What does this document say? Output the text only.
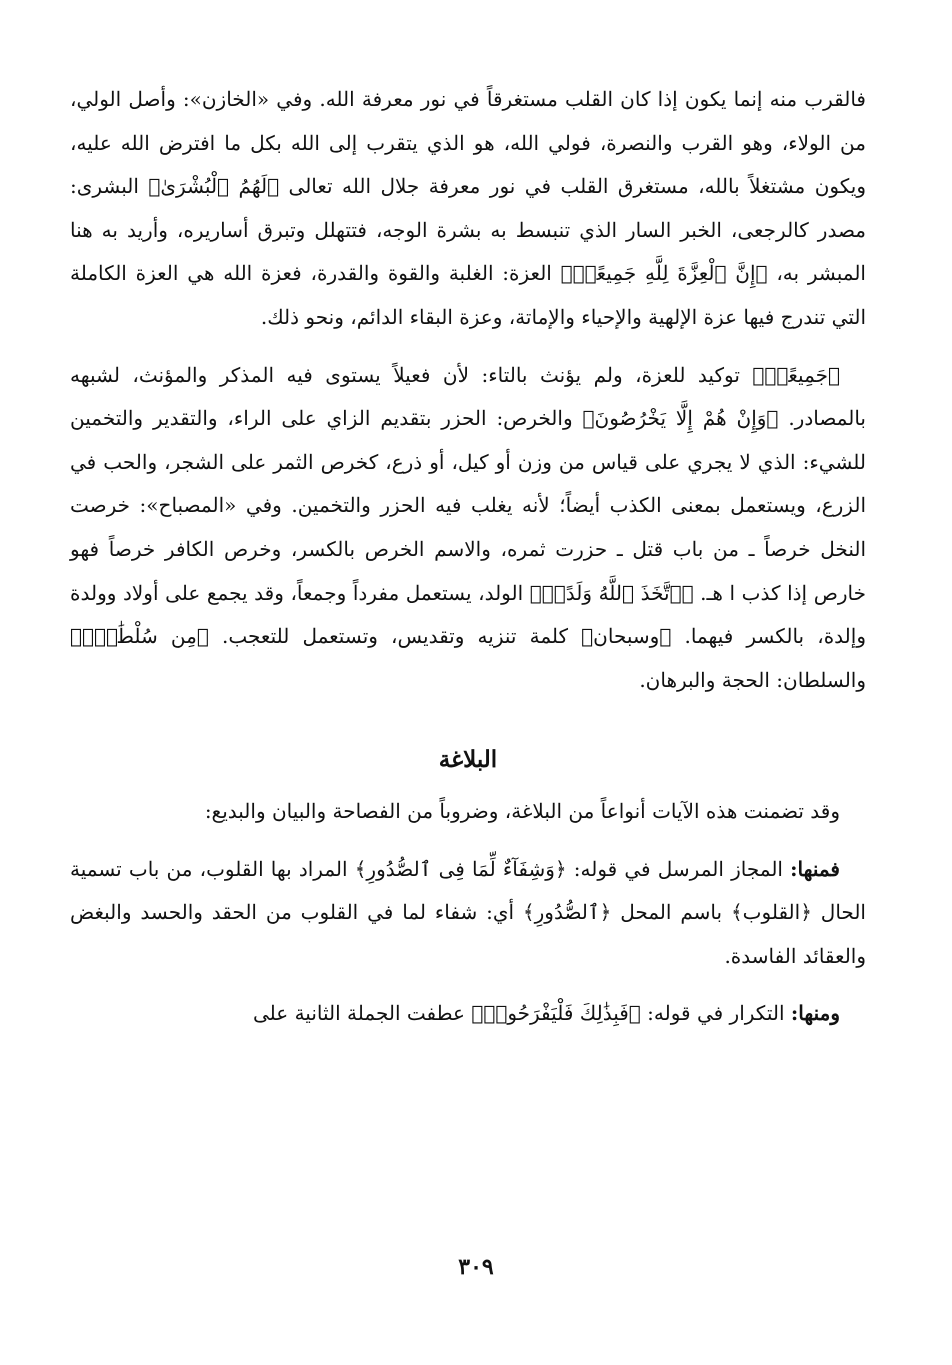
فالقرب منه إنما يكون إذا كان القلب مستغرقاً في نور معرفة الله. وفي «الخازن»: وأصل الولي، من الولاء، وهو القرب والنصرة، فولي الله، هو الذي يتقرب إلى الله بكل ما افترض الله عليه، ويكون مشتغلاً بالله، مستغرق القلب في نور معرفة جلال الله تعالى ﴿لَهُمُ ٱلْبُشْرَىٰ﴾ البشرى: مصدر كالرجعى، الخبر السار الذي تنبسط به بشرة الوجه، فتتهلل وتبرق أساريره، وأريد به هنا المبشر به، ﴿إِنَّ ٱلْعِزَّةَ لِلَّهِ جَمِيعًاۚ﴾ العزة: الغلبة والقوة والقدرة، فعزة الله هي العزة الكاملة التي تندرج فيها عزة الإلهية والإحياء والإماتة، وعزة البقاء الدائم، ونحو ذلك.

﴿جَمِيعًاۚ﴾ توكيد للعزة، ولم يؤنث بالتاء: لأن فعيلاً يستوى فيه المذكر والمؤنث، لشبهه بالمصادر. ﴿وَإِنْ هُمْ إِلَّا يَخْرُصُونَ﴾ والخرص: الحزر بتقديم الزاي على الراء، والتقدير والتخمين للشيء: الذي لا يجري على قياس من وزن أو كيل، أو ذرع، كخرص الثمر على الشجر، والحب في الزرع، ويستعمل بمعنى الكذب أيضاً؛ لأنه يغلب فيه الحزر والتخمين. وفي «المصباح»: خرصت النخل خرصاً ـ من باب قتل ـ حزرت ثمره، والاسم الخرص بالكسر، وخرص الكافر خرصاً فهو خارص إذا كذب ا هـ. ﴿ٱتَّخَذَ ٱللَّهُ وَلَدًاۗ﴾ الولد، يستعمل مفرداً وجمعاً، وقد يجمع على أولاد وولدة وإلدة، بالكسر فيهما. ﴿وسبحان﴾ كلمة تنزيه وتقديس، وتستعمل للتعجب. ﴿مِن سُلْطَٰنٍۭ﴾ والسلطان: الحجة والبرهان.

البلاغة

وقد تضمنت هذه الآيات أنواعاً من البلاغة، وضروباً من الفصاحة والبيان والبديع:

فمنها: المجاز المرسل في قوله: ﴿وَشِفَآءٌ لِّمَا فِى ٱلصُّدُورِ﴾ المراد بها القلوب، من باب تسمية الحال ﴿القلوب﴾ باسم المحل ﴿ٱلصُّدُورِ﴾ أي: شفاء لما في القلوب من الحقد والحسد والبغض والعقائد الفاسدة.

ومنها: التكرار في قوله: ﴿فَبِذَٰلِكَ فَلْيَفْرَحُوا۟﴾ عطفت الجملة الثانية على

٣٠٩
